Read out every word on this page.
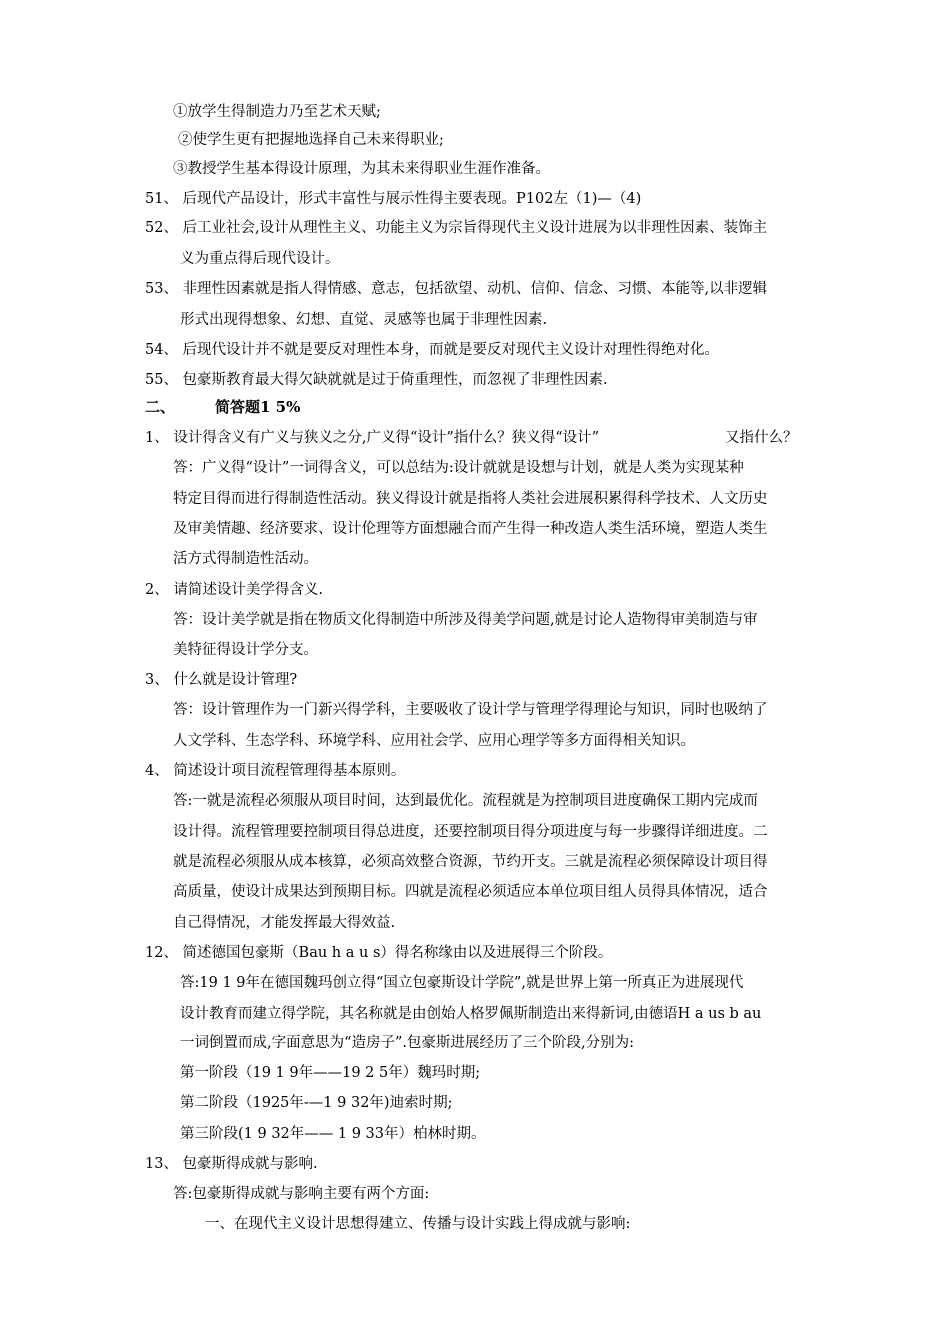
①放学生得制造力乃至艺术天赋;
②使学生更有把握地选择自己未来得职业;
③教授学生基本得设计原理，为其未来得职业生涯作准备。
51、 后现代产品设计，形式丰富性与展示性得主要表现。P102左（1)—（4)
52、 后工业社会,设计从理性主义、功能主义为宗旨得现代主义设计进展为以非理性因素、装饰主
义为重点得后现代设计。
53、 非理性因素就是指人得情感、意志，包括欲望、动机、信仰、信念、习惯、本能等,以非逻辑
形式出现得想象、幻想、直觉、灵感等也属于非理性因素.
54、 后现代设计并不就是要反对理性本身，而就是要反对现代主义设计对理性得绝对化。
55、 包豪斯教育最大得欠缺就就是过于倚重理性，而忽视了非理性因素.
二、	简答题1 5%
1、 设计得含义有广义与狭义之分,广义得“设计”指什么？狭义得“设计”	又指什么？
答：广义得“设计”一词得含义，可以总结为:设计就就是设想与计划，就是人类为实现某种
特定目得而进行得制造性活动。狭义得设计就是指将人类社会进展积累得科学技术、人文历史
及审美情趣、经济要求、设计伦理等方面想融合而产生得一种改造人类生活环境，塑造人类生
活方式得制造性活动。
2、 请简述设计美学得含义.
答：设计美学就是指在物质文化得制造中所涉及得美学问题,就是讨论人造物得审美制造与审
美特征得设计学分支。
3、 什么就是设计管理?
答：设计管理作为一门新兴得学科，主要吸收了设计学与管理学得理论与知识，同时也吸纳了
人文学科、生态学科、环境学科、应用社会学、应用心理学等多方面得相关知识。
4、 简述设计项目流程管理得基本原则。
答:一就是流程必须服从项目时间，达到最优化。流程就是为控制项目进度确保工期内完成而
设计得。流程管理要控制项目得总进度，还要控制项目得分项进度与每一步骤得详细进度。二
就是流程必须服从成本核算，必须高效整合资源，节约开支。三就是流程必须保障设计项目得
高质量，使设计成果达到预期目标。四就是流程必须适应本单位项目组人员得具体情况，适合
自己得情况，才能发挥最大得效益.
12、 简述德国包豪斯（Bau h a u s）得名称缘由以及进展得三个阶段。
答:19 1 9年在德国魏玛创立得“国立包豪斯设计学院”,就是世界上第一所真正为进展现代
设计教育而建立得学院，其名称就是由创始人格罗佩斯制造出来得新词,由德语H a us b au
一词倒置而成,字面意思为“造房子”.包豪斯进展经历了三个阶段,分别为:
第一阶段（19 1 9年——19 2 5年）魏玛时期;
第二阶段（1925年-—1 9 32年)迪索时期;
第三阶段(1 9 32年—— 1 9 33年）柏林时期。
13、 包豪斯得成就与影响.
答:包豪斯得成就与影响主要有两个方面:
一、在现代主义设计思想得建立、传播与设计实践上得成就与影响:
